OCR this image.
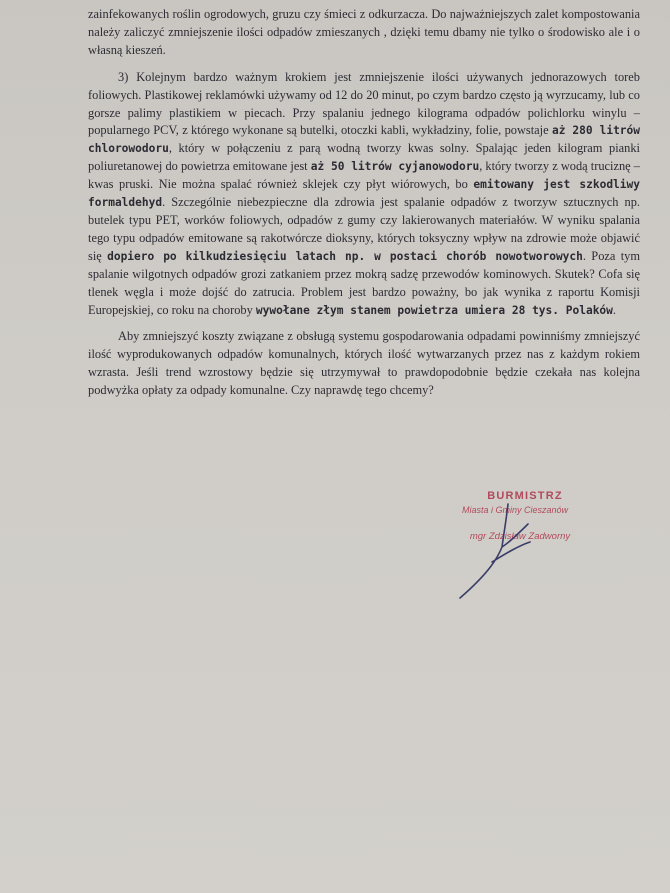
zainfekowanych roślin ogrodowych, gruzu czy śmieci z odkurzacza. Do najważniejszych zalet kompostowania należy zaliczyć zmniejszenie ilości odpadów zmieszanych , dzięki temu dbamy nie tylko o środowisko ale i o własną kieszeń.

3) Kolejnym bardzo ważnym krokiem jest zmniejszenie ilości używanych jednorazowych toreb foliowych. Plastikowej reklamówki używamy od 12 do 20 minut, po czym bardzo często ją wyrzucamy, lub co gorsze palimy plastikiem w piecach. Przy spalaniu jednego kilograma odpadów polichlorku winylu – popularnego PCV, z którego wykonane są butelki, otoczki kabli, wykładziny, folie, powstaje aż 280 litrów chlorowodoru, który w połączeniu z parą wodną tworzy kwas solny. Spalając jeden kilogram pianki poliuretanowej do powietrza emitowane jest aż 50 litrów cyjanowodoru, który tworzy z wodą truciznę – kwas pruski. Nie można spalać również sklejek czy płyt wiórowych, bo emitowany jest szkodliwy formaldehyd. Szczególnie niebezpieczne dla zdrowia jest spalanie odpadów z tworzyw sztucznych np. butelek typu PET, worków foliowych, odpadów z gumy czy lakierowanych materiałów. W wyniku spalania tego typu odpadów emitowane są rakotwórcze dioksyny, których toksyczny wpływ na zdrowie może objawić się dopiero po kilkudziesięciu latach np. w postaci chorób nowotworowych. Poza tym spalanie wilgotnych odpadów grozi zatkaniem przez mokrą sadzę przewodów kominowych. Skutek? Cofa się tlenek węgla i może dojść do zatrucia. Problem jest bardzo poważny, bo jak wynika z raportu Komisji Europejskiej, co roku na choroby wywołane złym stanem powietrza umiera 28 tys. Polaków.

Aby zmniejszyć koszty związane z obsługą systemu gospodarowania odpadami powinniśmy zmniejszyć ilość wyprodukowanych odpadów komunalnych, których ilość wytwarzanych przez nas z każdym rokiem wzrasta. Jeśli trend wzrostowy będzie się utrzymywał to prawdopodobnie będzie czekała nas kolejna podwyżka opłaty za odpady komunalne. Czy naprawdę tego chcemy?

BURMISTRZ
Miasta i Gminy Cieszanów
mgr Zdzisław Zadworny
